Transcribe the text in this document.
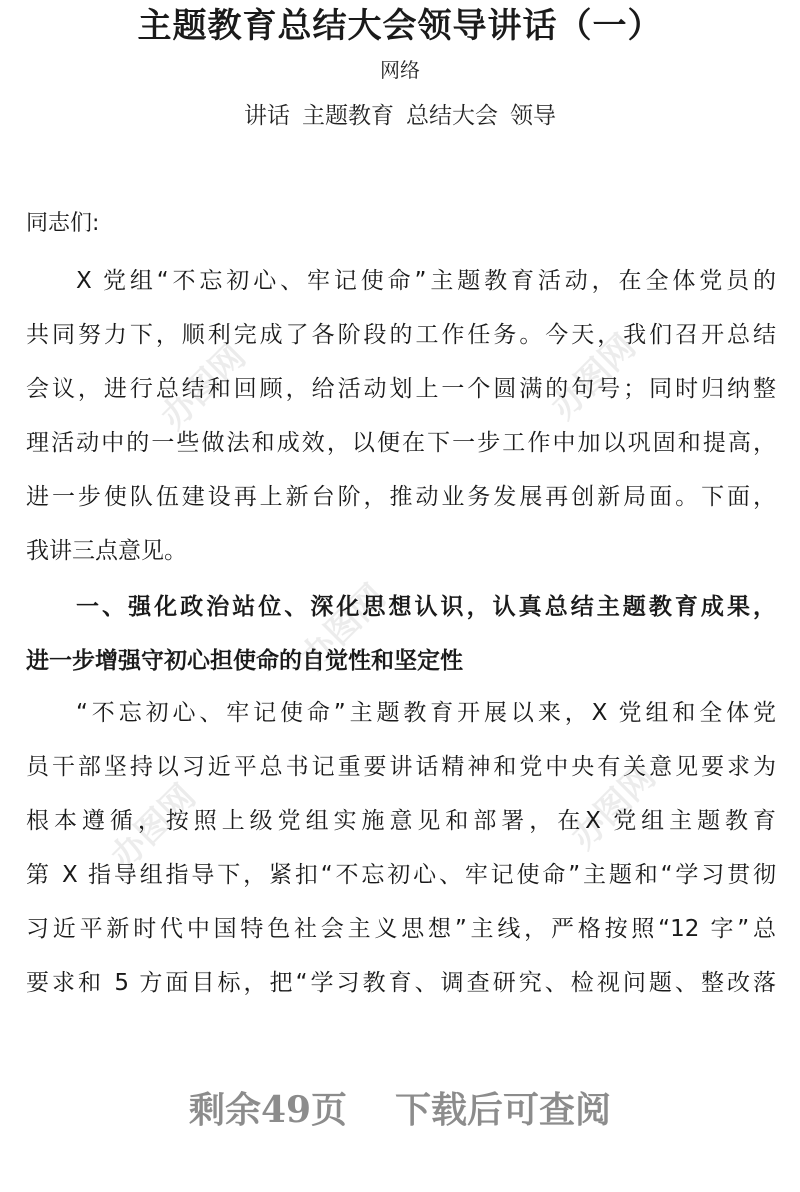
办图网	办图网
办图网
办图网	办图网
主题教育总结大会领导讲话（一）
网络
讲话 主题教育 总结大会 领导
同志们:
X 党组“不忘初心、牢记使命”主题教育活动，在全体党员的
共同努力下，顺利完成了各阶段的工作任务。今天，我们召开总结
会议，进行总结和回顾，给活动划上一个圆满的句号；同时归纳整
理活动中的一些做法和成效，以便在下一步工作中加以巩固和提高，
进一步使队伍建设再上新台阶，推动业务发展再创新局面。下面，
我讲三点意见。
一、强化政治站位、深化思想认识，认真总结主题教育成果，
进一步增强守初心担使命的自觉性和坚定性
“不忘初心、牢记使命”主题教育开展以来，X 党组和全体党
员干部坚持以习近平总书记重要讲话精神和党中央有关意见要求为
根本遵循，按照上级党组实施意见和部署，在X 党组主题教育
第 X 指导组指导下，紧扣“不忘初心、牢记使命”主题和“学习贯彻
习近平新时代中国特色社会主义思想”主线，严格按照“12 字”总
要求和 5 方面目标，把“学习教育、调查研究、检视问题、整改落
剩余49页 下载后可查阅
